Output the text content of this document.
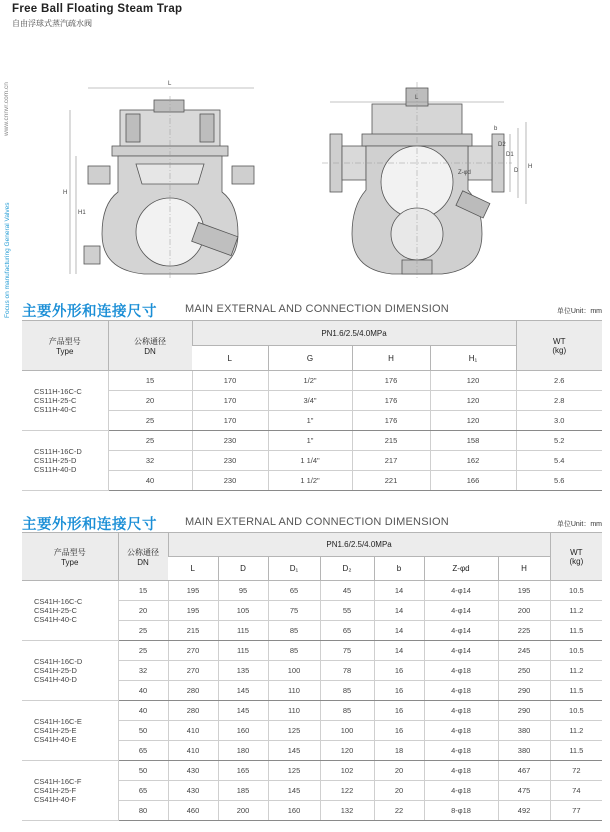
www.cnnvr.com.cn
Focus on manufacturing General Valves
Free Ball Floating Steam Trap
自由浮球式蒸汽疏水阀
L
H
H1
L
H
D2
D1
D
b
Z-φd
主要外形和连接尺寸	MAIN EXTERNAL AND CONNECTION DIMENSION	单位Unit：mm
产品型号
Type	公称通径
DN	PN1.6/2.5/4.0MPa				WT
(kg)

		L	G	H	H₁	

CS11H-16C-C
CS11H-25-C
CS11H-40-C	15	170	1/2"	176	120	2.6
	20	170	3/4"	176	120	2.8
	25	170	1"	176	120	3.0

CS11H-16C-D
CS11H-25-D
CS11H-40-D	25	230	1"	215	158	5.2
	32	230	1 1/4"	217	162	5.4
	40	230	1 1/2"	221	166	5.6
主要外形和连接尺寸	MAIN EXTERNAL AND CONNECTION DIMENSION	单位Unit：mm
产品型号
Type	公称通径
DN	PN1.6/2.5/4.0MPa							WT
(kg)

		L	D	D₁	D₂	b	Z-φd	H	

CS41H-16C-C
CS41H-25-C
CS41H-40-C	15	195	95	65	45	14	4-φ14	195	10.5
	20	195	105	75	55	14	4-φ14	200	11.2
	25	215	115	85	65	14	4-φ14	225	11.5

CS41H-16C-D
CS41H-25-D
CS41H-40-D	25	270	115	85	75	14	4-φ14	245	10.5
	32	270	135	100	78	16	4-φ18	250	11.2
	40	280	145	110	85	16	4-φ18	290	11.5

CS41H-16C-E
CS41H-25-E
CS41H-40-E	40	280	145	110	85	16	4-φ18	290	10.5
	50	410	160	125	100	16	4-φ18	380	11.2
	65	410	180	145	120	18	4-φ18	380	11.5

CS41H-16C-F
CS41H-25-F
CS41H-40-F	50	430	165	125	102	20	4-φ18	467	72
	65	430	185	145	122	20	4-φ18	475	74
	80	460	200	160	132	22	8-φ18	492	77
